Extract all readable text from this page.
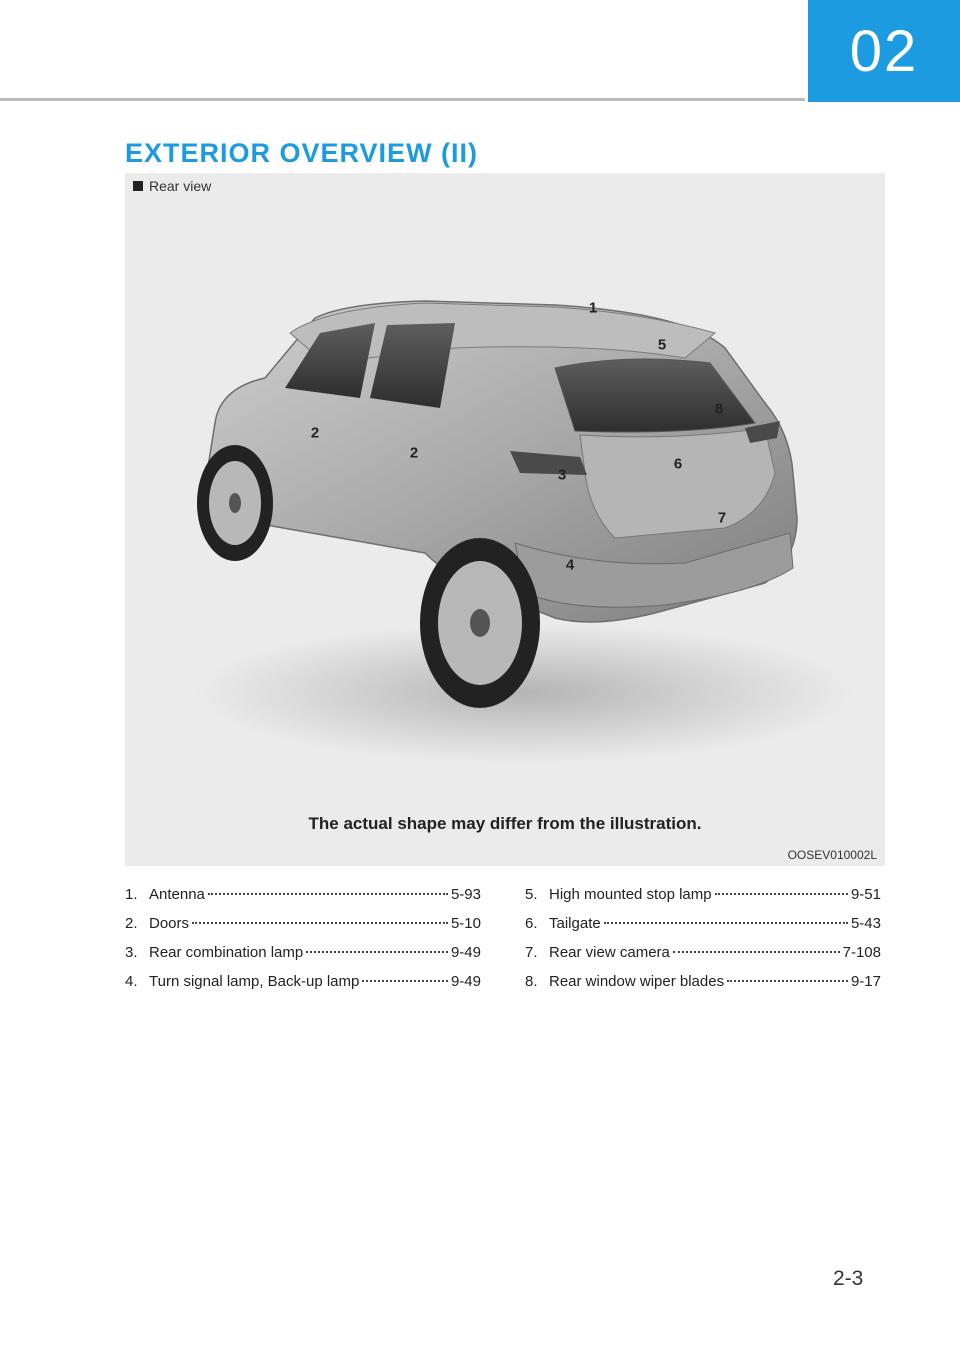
02
EXTERIOR OVERVIEW (II)
1
5
8
2
2
6
3
7
4
Rear view
The actual shape may differ from the illustration.
OOSEV010002L
1. Antenna	5-93
2. Doors	5-10
3. Rear combination lamp	9-49
4. Turn signal lamp, Back-up lamp	9-49
5. High mounted stop lamp	9-51
6. Tailgate	5-43
7. Rear view camera	7-108
8. Rear window wiper blades	9-17
2-3
